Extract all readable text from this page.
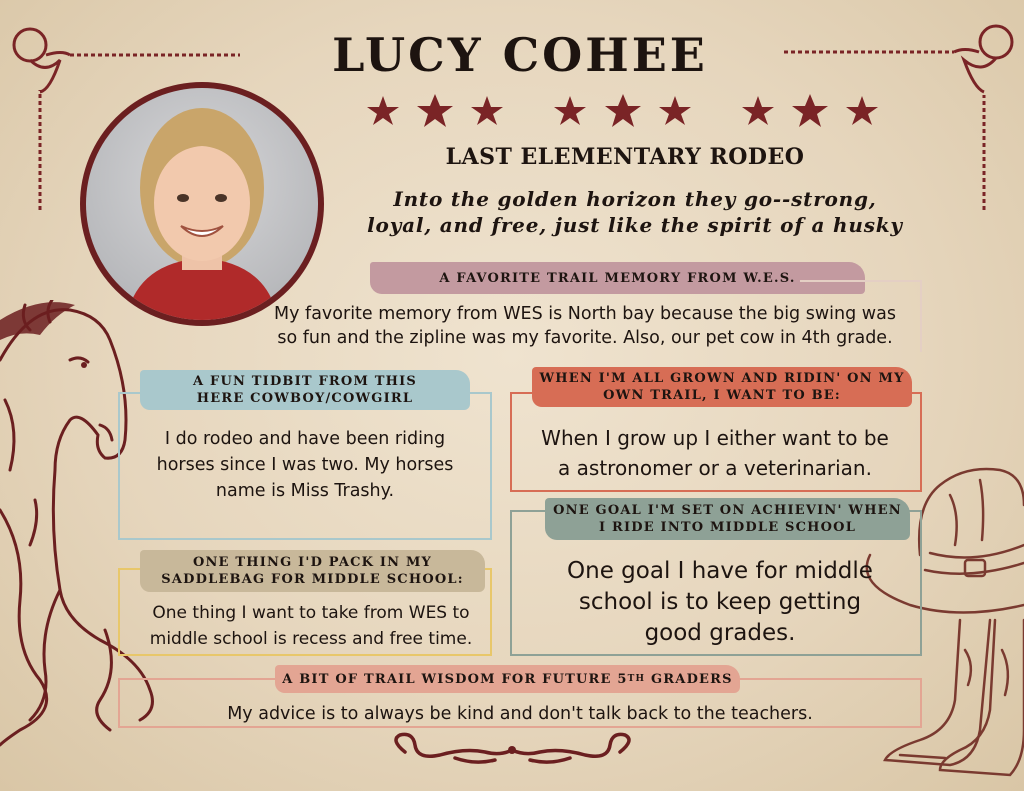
LUCY COHEE
LAST ELEMENTARY RODEO
Into the golden horizon they go--strong,
loyal, and free, just like the spirit of a husky
A FAVORITE TRAIL MEMORY FROM W.E.S.
My favorite memory from WES is North bay because the big swing was
so fun and the zipline was my favorite. Also, our pet cow in 4th grade.
A FUN TIDBIT FROM THIS
HERE COWBOY/COWGIRL
I do rodeo and have been riding
horses since I was two. My horses
name is Miss Trashy.
WHEN I'M ALL GROWN AND RIDIN' ON MY
OWN TRAIL, I WANT TO BE:
When I grow up I either want to be
a astronomer or a veterinarian.
ONE GOAL I'M SET ON ACHIEVIN' WHEN
I RIDE INTO MIDDLE SCHOOL
One goal I have for middle
school is to keep getting
good grades.
ONE THING I'D PACK IN MY
SADDLEBAG FOR MIDDLE SCHOOL:
One thing I want to take from WES to
middle school is recess and free time.
A BIT OF TRAIL WISDOM FOR FUTURE 5 TH GRADERS
My advice is to always be kind and don't talk back to the teachers.
